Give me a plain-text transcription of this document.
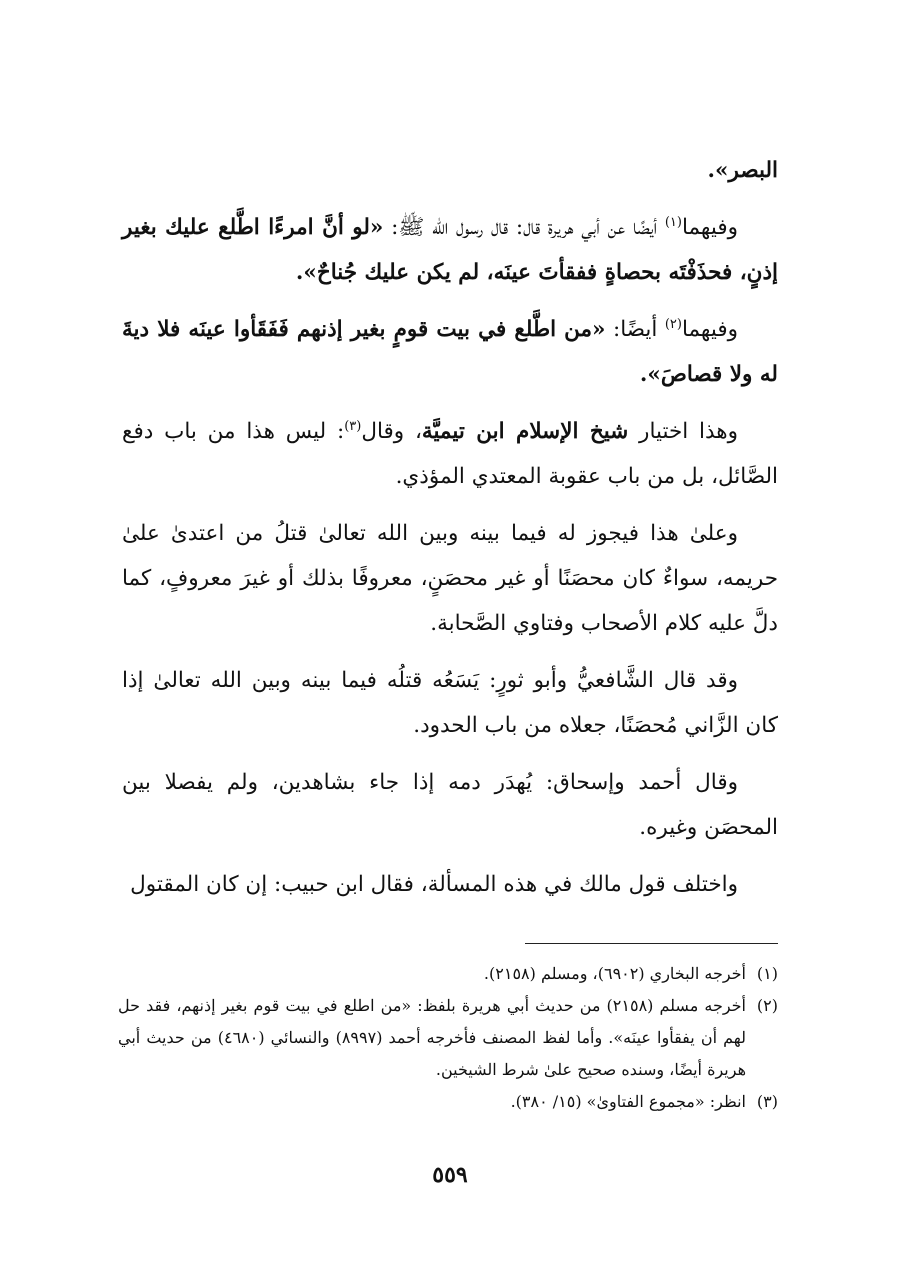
البصر».

وفيهما$^{(١)}$ أيضًا عن أبي هريرة قال: قال رسول الله ﷺ: «لو أنَّ امرءًا اطَّلع عليك بغير إذنٍ، فحذَفْتَه بحصاةٍ ففقأتَ عينَه، لم يكن عليك جُناحٌ».

وفيهما$^{(٢)}$ أيضًا: «من اطَّلع في بيت قومٍ بغير إذنهم فَفَقَأوا عينَه فلا ديةَ له ولا قصاصَ».

وهذا اختيار شيخ الإسلام ابن تيميَّة، وقال$^{(٣)}$: ليس هذا من باب دفع الصَّائل، بل من باب عقوبة المعتدي المؤذي.

وعلىٰ هذا فيجوز له فيما بينه وبين الله تعالىٰ قتلُ من اعتدىٰ علىٰ حريمه، سواءٌ كان محصَنًا أو غير محصَنٍ، معروفًا بذلك أو غيرَ معروفٍ، كما دلَّ عليه كلام الأصحاب وفتاوي الصَّحابة.

وقد قال الشَّافعيُّ وأبو ثورٍ: يَسَعُه قتلُه فيما بينه وبين الله تعالىٰ إذا كان الزَّاني مُحصَنًا، جعلاه من باب الحدود.

وقال أحمد وإسحاق: يُهدَر دمه إذا جاء بشاهدين، ولم يفصلا بين المحصَن وغيره.

واختلف قول مالك في هذه المسألة، فقال ابن حبيب: إن كان المقتول

(١)
أخرجه البخاري (٦٩٠٢)، ومسلم (٢١٥٨).
(٢)
أخرجه مسلم (٢١٥٨) من حديث أبي هريرة بلفظ: «من اطلع في بيت قوم بغير إذنهم، فقد حل لهم أن يفقأوا عينَه». وأما لفظ المصنف فأخرجه أحمد (٨٩٩٧) والنسائي (٤٦٨٠) من حديث أبي هريرة أيضًا، وسنده صحيح علىٰ شرط الشيخين.
(٣)
انظر: «مجموع الفتاوىٰ» (١٥/ ٣٨٠).
٥٥٩
